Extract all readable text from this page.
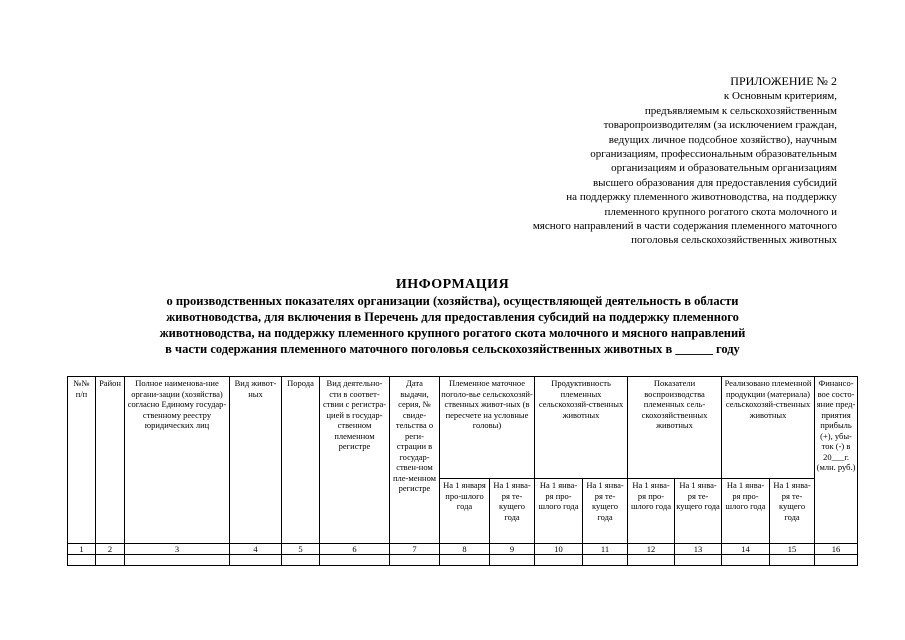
ПРИЛОЖЕНИЕ № 2
к Основным критериям,
предъявляемым к сельскохозяйственным
товаропроизводителям (за исключением граждан,
ведущих личное подсобное хозяйство), научным
организациям, профессиональным образовательным
организациям и образовательным организациям
высшего образования для предоставления субсидий
на поддержку племенного животноводства, на поддержку
племенного крупного рогатого скота молочного и
мясного направлений в части содержания племенного маточного
поголовья сельскохозяйственных животных
ИНФОРМАЦИЯ
о производственных показателях организации (хозяйства), осуществляющей деятельность в области
животноводства, для включения в Перечень для предоставления субсидий на поддержку племенного
животноводства, на поддержку племенного крупного рогатого скота молочного и мясного направлений
в части содержания племенного маточного поголовья сельскохозяйственных животных в ______ году
№№ п/п	Район	Полное наименова-ние органи-зации (хозяйства) согласно Единому государ-ственному реестру юридических лиц	Вид живот-ных	Порода	Вид деятельно-сти в соответ-ствии с регистра-цией в государ-ственном племенном регистре	Дата выдачи, серия, № свиде-тельства о реги-страции в государ-ствен-ном пле-менном регистре	Племенное маточное поголо-вье сельскохозяй-ственных живот-ных (в пересчете на условные головы)		Продуктивность племенных сельскохозяй-ственных животных		Показатели воспроизводства племенных сель-скохозяйственных животных		Реализовано племенной продукции (материала) сельскохозяй-ственных животных		Финансо-вое состо-яние пред-приятия прибыль (+), убы-ток (-) в 20___г. (млн. руб.)
							На 1 января про-шлого года	На 1 янва-ря те-кущего года	На 1 янва-ря про-шлого года	На 1 янва-ря те-кущего года	На 1 янва-ря про-шлого года	На 1 янва-ря те-кущего года	На 1 янва-ря про-шлого года	На 1 янва-ря те-кущего года	
1	2	3	4	5	6	7	8	9	10	11	12	13	14	15	16
